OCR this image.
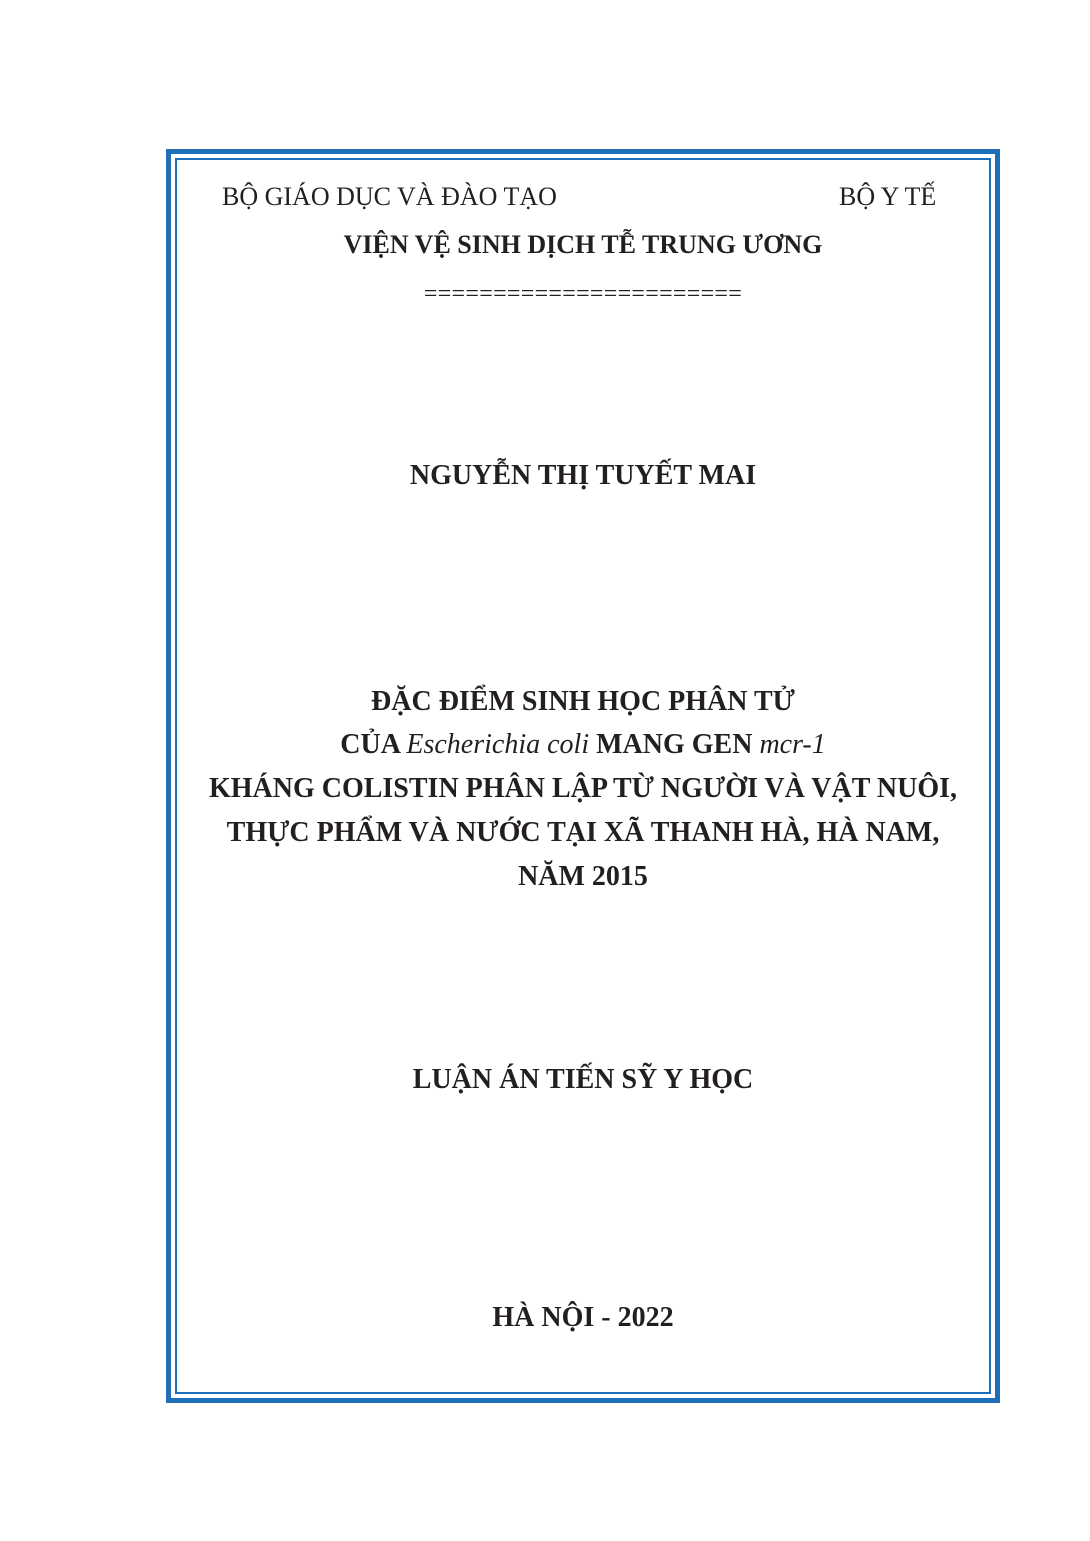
BỘ GIÁO DỤC VÀ ĐÀO TẠO	BỘ Y TẾ
VIỆN VỆ SINH DỊCH TỄ TRUNG ƯƠNG
=======================
NGUYỄN THỊ TUYẾT MAI
ĐẶC ĐIỂM SINH HỌC PHÂN TỬ
CỦA Escherichia coli MANG GEN mcr-1
KHÁNG COLISTIN PHÂN LẬP TỪ NGƯỜI VÀ VẬT NUÔI,
THỰC PHẨM VÀ NƯỚC TẠI XÃ THANH HÀ, HÀ NAM,
NĂM 2015
LUẬN ÁN TIẾN SỸ Y HỌC
HÀ NỘI - 2022
